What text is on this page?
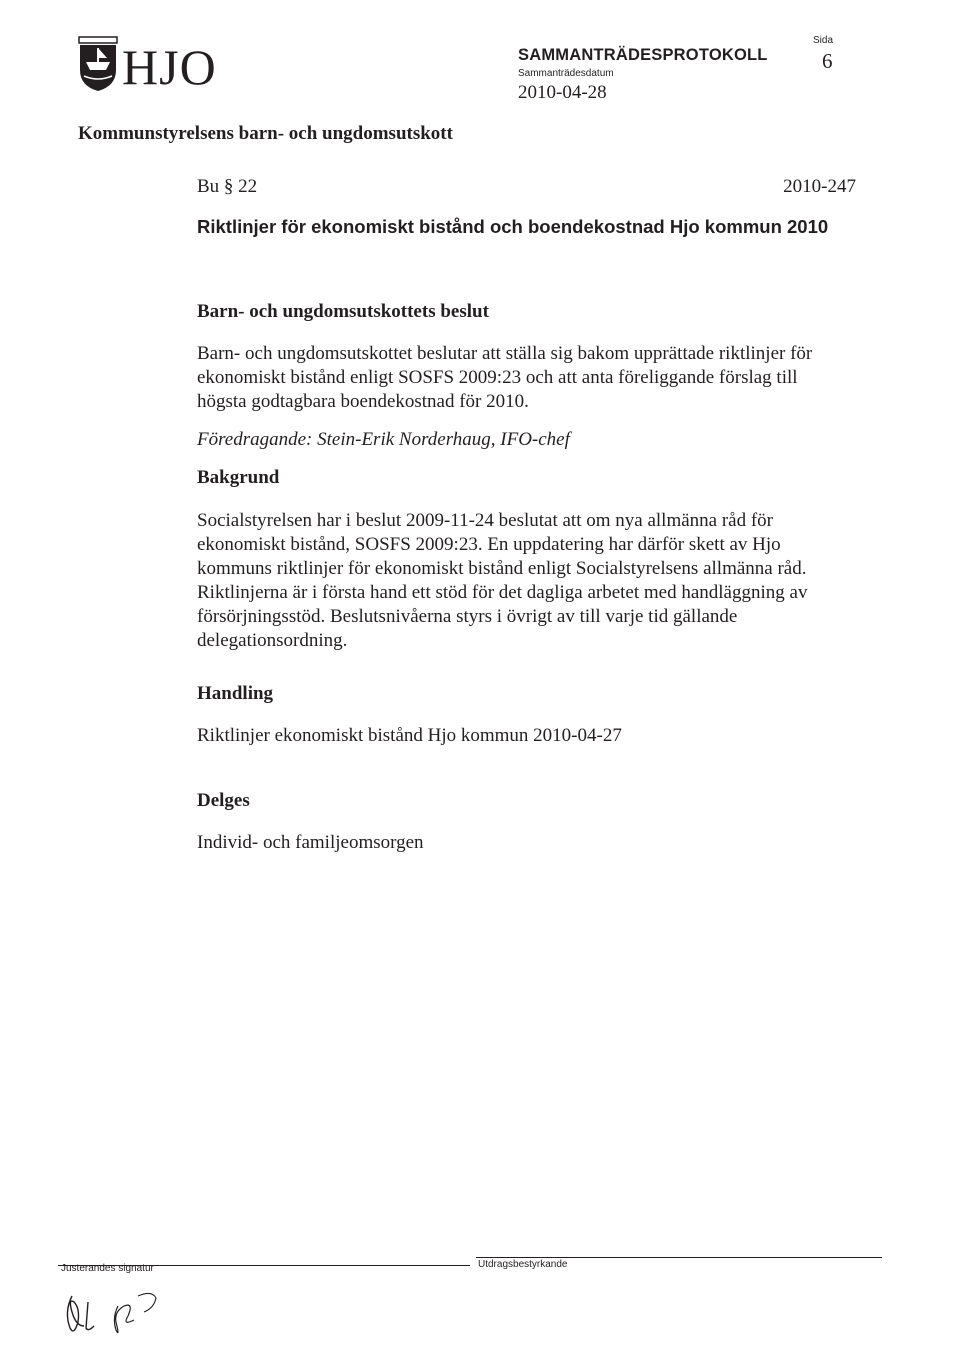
HJO	SAMMANTRÄDESPROTOKOLL
Sammanträdesdatum
2010-04-28
Sida
6
Kommunstyrelsens barn- och ungdomsutskott
Bu § 22	2010-247
Riktlinjer för ekonomiskt bistånd och boendekostnad Hjo kommun 2010
Barn- och ungdomsutskottets beslut
Barn- och ungdomsutskottet beslutar att ställa sig bakom upprättade riktlinjer för ekonomiskt bistånd enligt SOSFS 2009:23 och att anta föreliggande förslag till högsta godtagbara boendekostnad för 2010.
Föredragande: Stein-Erik Norderhaug, IFO-chef
Bakgrund
Socialstyrelsen har i beslut 2009-11-24 beslutat att om nya allmänna råd för ekonomiskt bistånd, SOSFS 2009:23. En uppdatering har därför skett av Hjo kommuns riktlinjer för ekonomiskt bistånd enligt Socialstyrelsens allmänna råd. Riktlinjerna är i första hand ett stöd för det dagliga arbetet med handläggning av försörjningsstöd. Beslutsnivåerna styrs i övrigt av till varje tid gällande delegationsordning.
Handling
Riktlinjer ekonomiskt bistånd Hjo kommun 2010-04-27
Delges
Individ- och familjeomsorgen
Justerandes signatur	Utdragsbestyrkande
